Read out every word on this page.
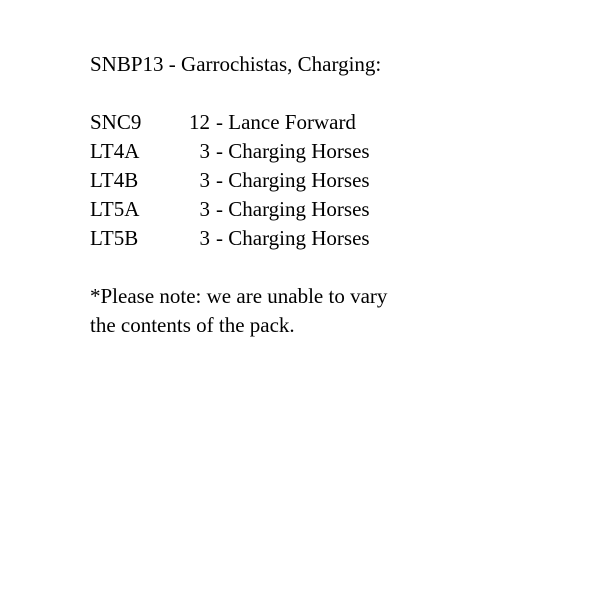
SNBP13 - Garrochistas, Charging:
SNC9	12 - Lance Forward
LT4A	3 - Charging Horses
LT4B	3 - Charging Horses
LT5A	3 - Charging Horses
LT5B	3 - Charging Horses

*Please note: we are unable to vary the contents of the pack.
